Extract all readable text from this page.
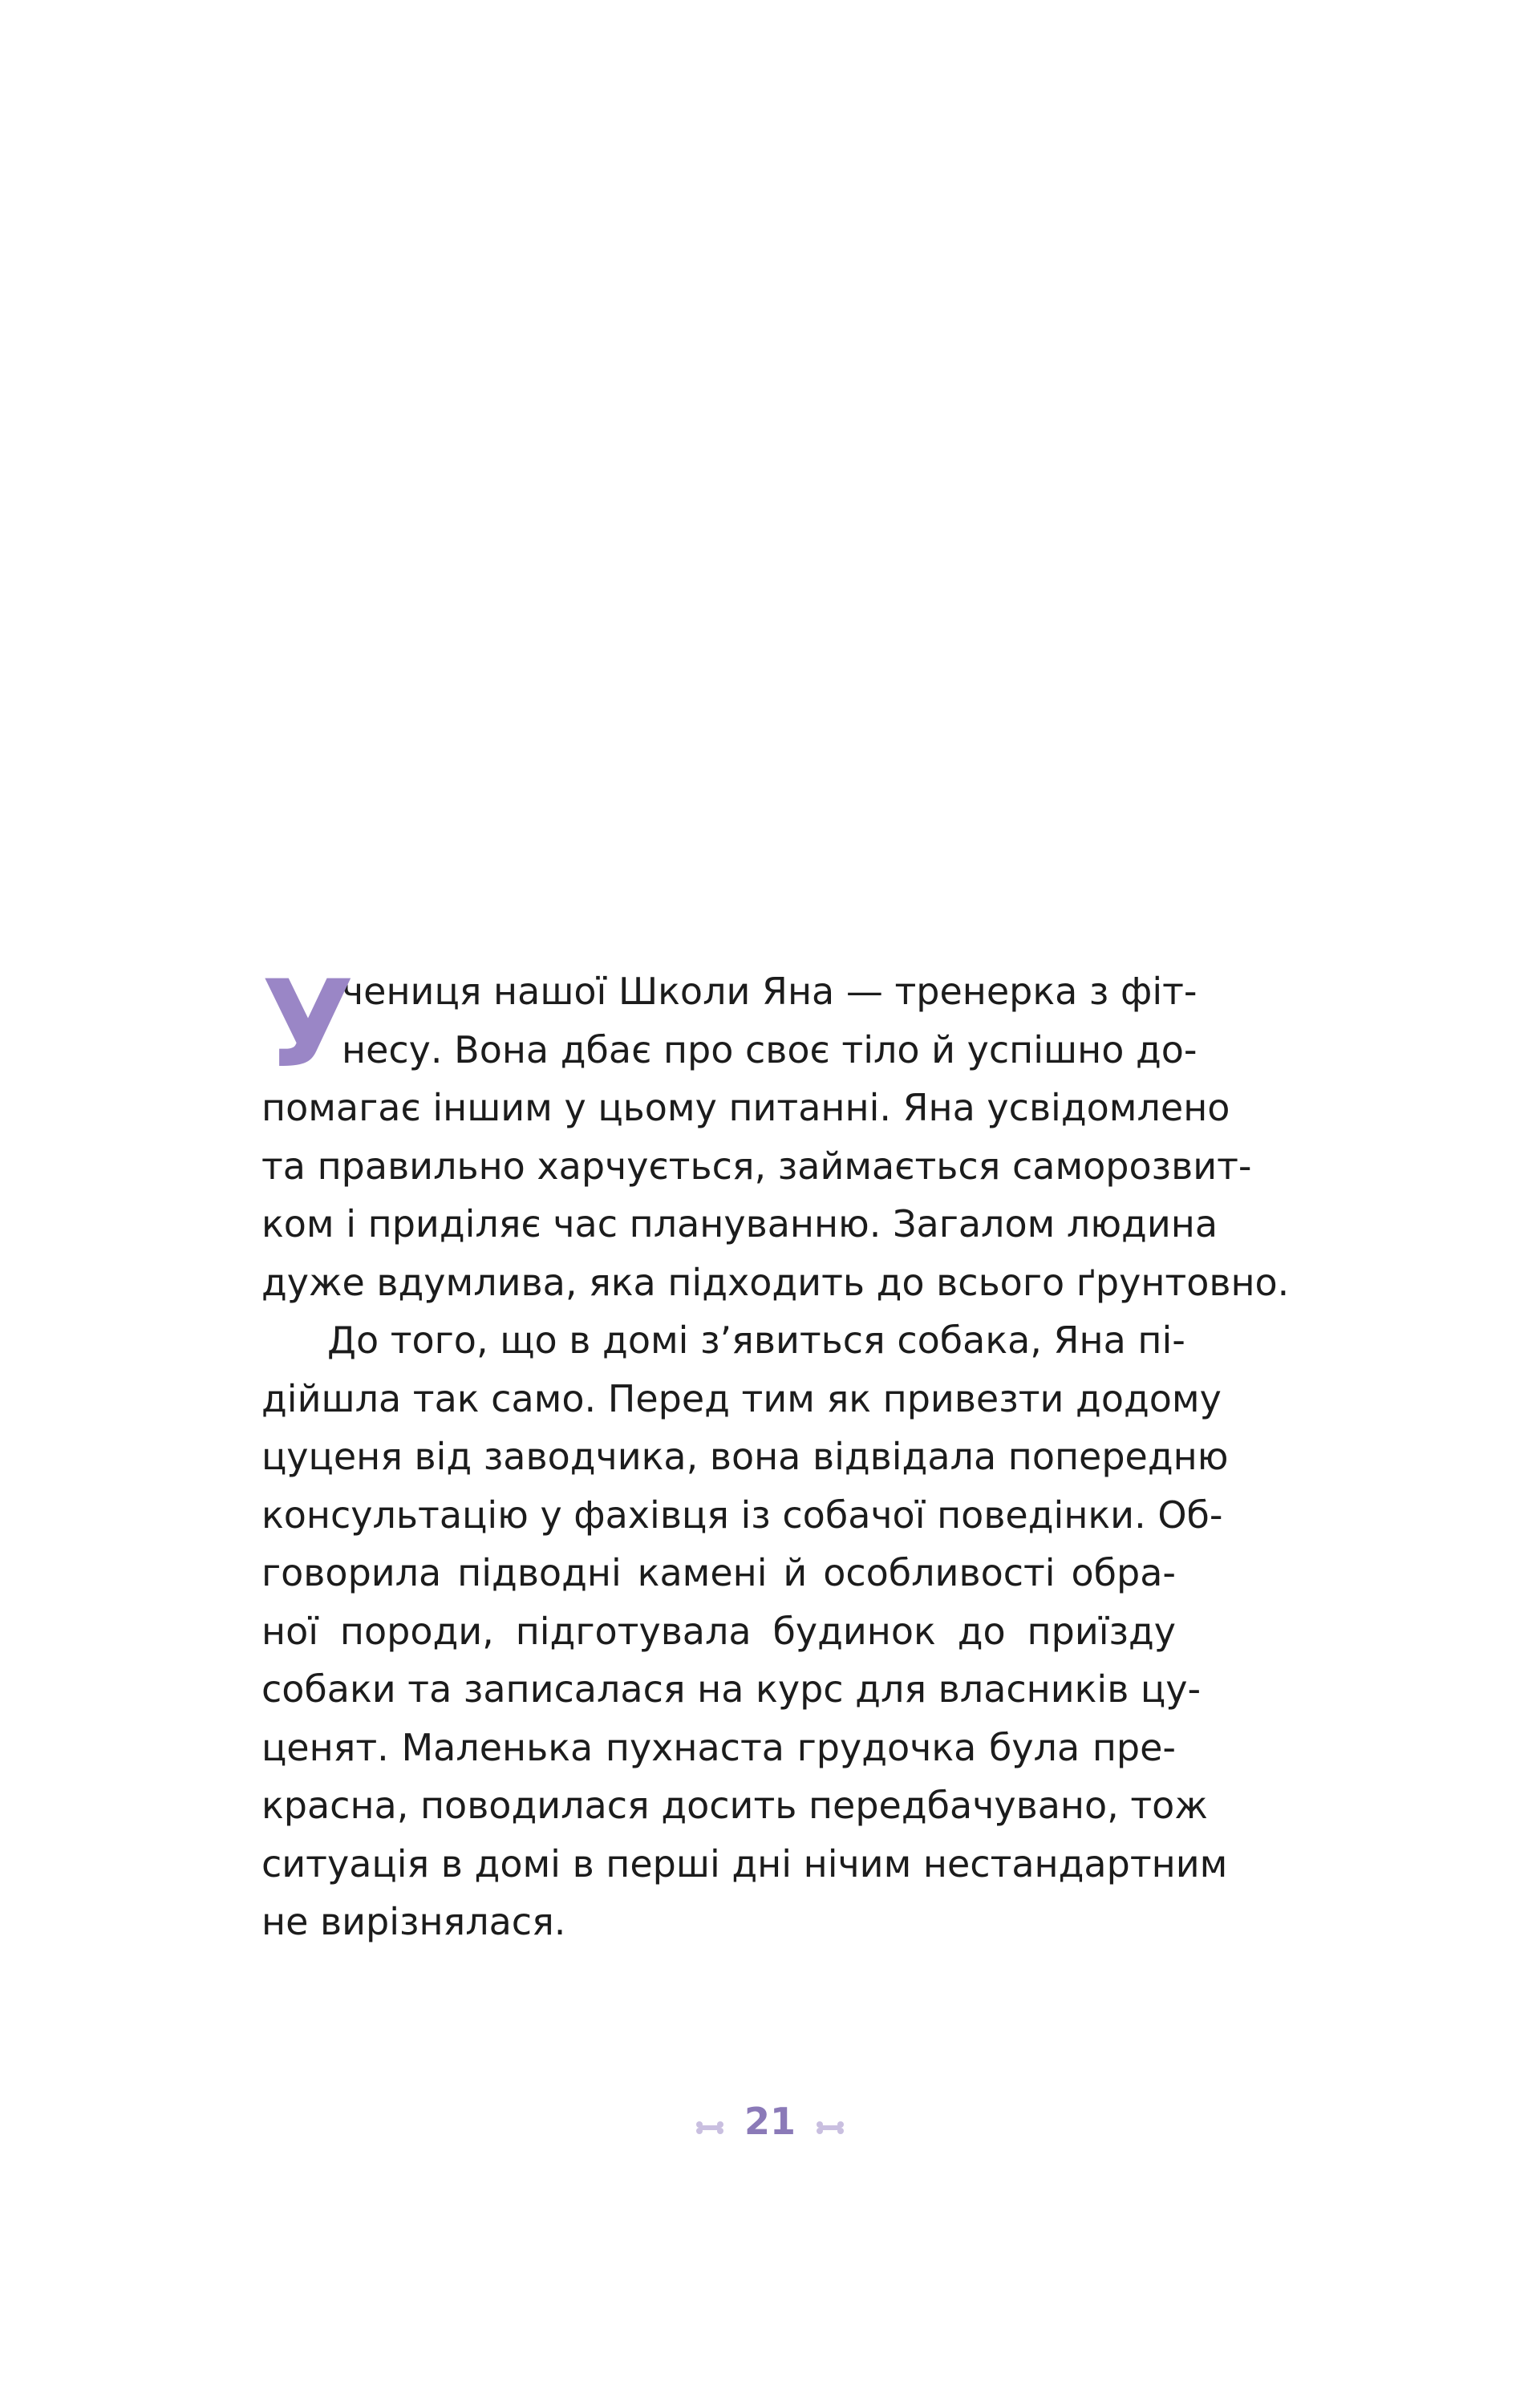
У
чениця нашої Школи Яна — тренерка з фіт-
несу. Вона дбає про своє тіло й успішно до-
помагає іншим у цьому питанні. Яна усвідомлено
та правильно харчується, займається саморозвит-
ком і приділяє час плануванню. Загалом людина
дуже вдумлива, яка підходить до всього ґрунтовно.
До того, що в домі з’явиться собака, Яна пі-
дійшла так само. Перед тим як привезти додому
цуценя від заводчика, вона відвідала попередню
консультацію у фахівця із собачої поведінки. Об-
говорила підводні камені й особливості обра-
ної породи, підготувала будинок до приїзду
собаки та записалася на курс для власників цу-
ценят. Маленька пухнаста грудочка була пре-
красна, поводилася досить передбачувано, тож
ситуація в домі в перші дні нічим нестандартним
не вирізнялася.
21
